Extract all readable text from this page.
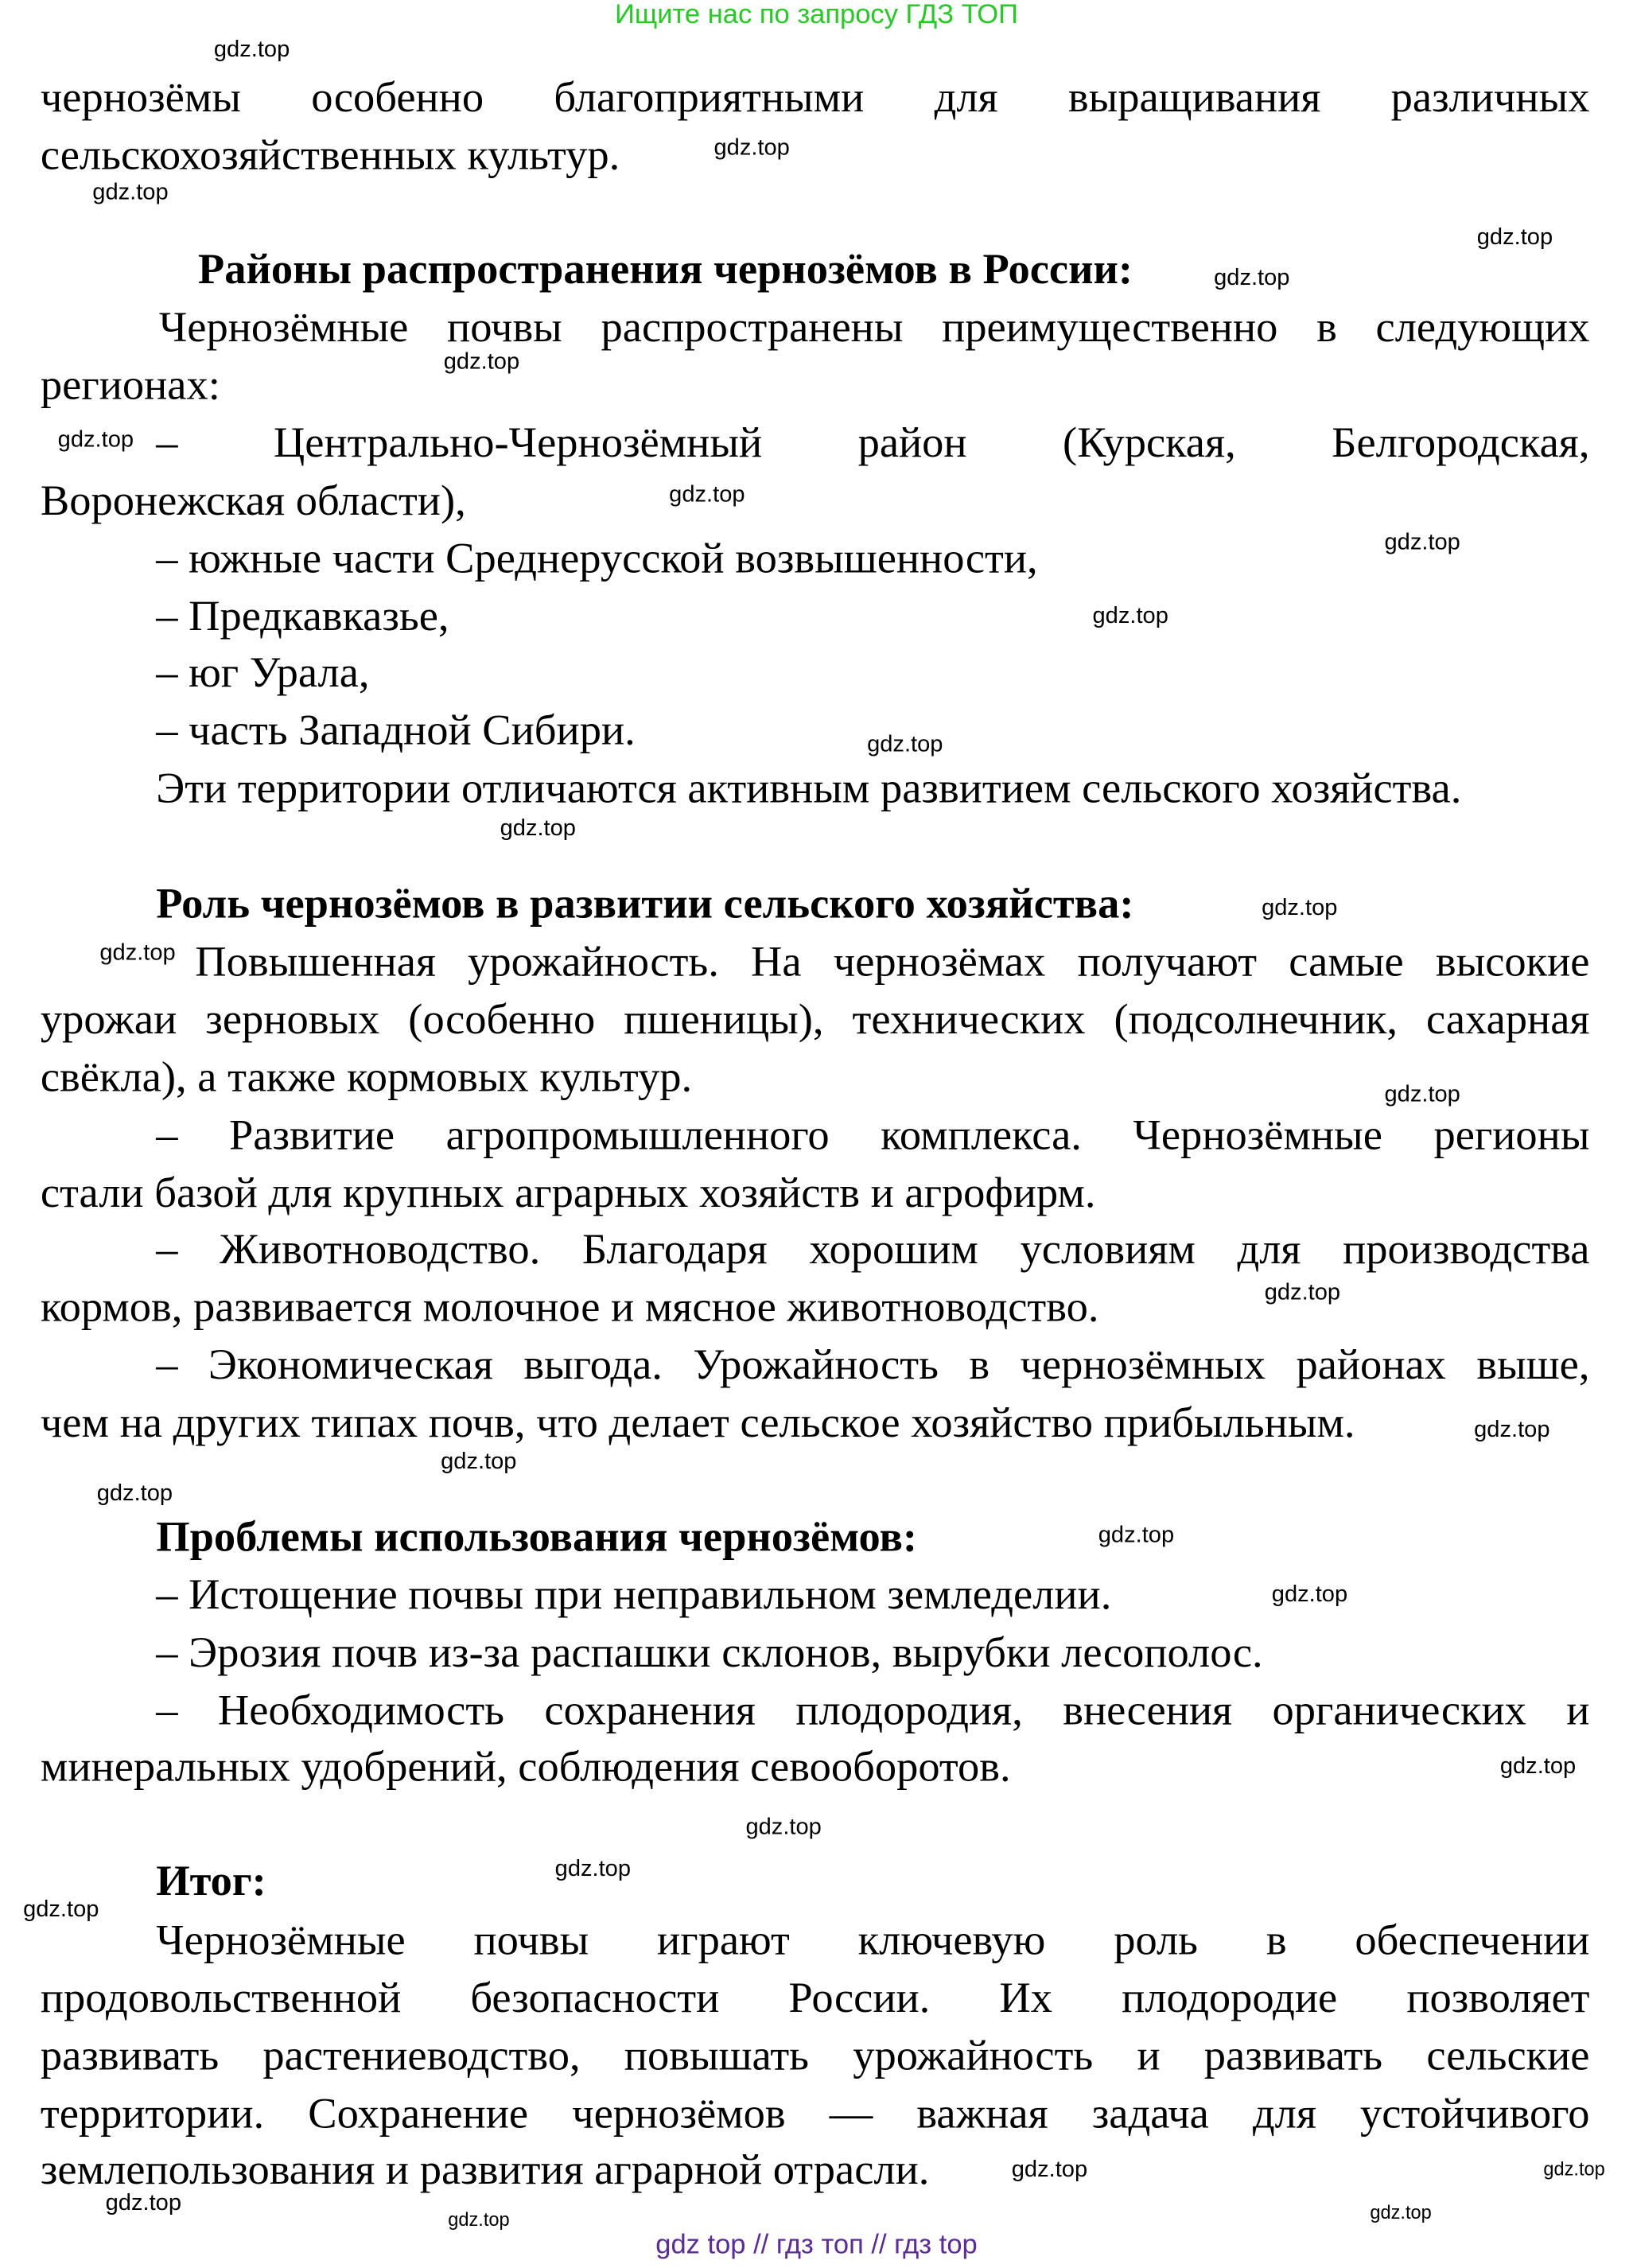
Ищите нас по запросу ГДЗ ТОП
чернозёмы особенно благоприятными для выращивания различных
сельскохозяйственных культур.
Районы распространения чернозёмов в России:
Чернозёмные почвы распространены преимущественно в следующих
регионах:
– Центрально-Чернозёмный район (Курская, Белгородская,
Воронежская области),
– южные части Среднерусской возвышенности,
– Предкавказье,
– юг Урала,
– часть Западной Сибири.
Эти территории отличаются активным развитием сельского хозяйства.
Роль чернозёмов в развитии сельского хозяйства:
Повышенная урожайность. На чернозёмах получают самые высокие
урожаи зерновых (особенно пшеницы), технических (подсолнечник, сахарная
свёкла), а также кормовых культур.
– Развитие агропромышленного комплекса. Чернозёмные регионы
стали базой для крупных аграрных хозяйств и агрофирм.
– Животноводство. Благодаря хорошим условиям для производства
кормов, развивается молочное и мясное животноводство.
– Экономическая выгода. Урожайность в чернозёмных районах выше,
чем на других типах почв, что делает сельское хозяйство прибыльным.
Проблемы использования чернозёмов:
– Истощение почвы при неправильном земледелии.
– Эрозия почв из-за распашки склонов, вырубки лесополос.
– Необходимость сохранения плодородия, внесения органических и
минеральных удобрений, соблюдения севооборотов.
Итог:
Чернозёмные почвы играют ключевую роль в обеспечении
продовольственной безопасности России. Их плодородие позволяет
развивать растениеводство, повышать урожайность и развивать сельские
территории. Сохранение чернозёмов — важная задача для устойчивого
землепользования и развития аграрной отрасли.
gdz.top
gdz.top
gdz.top
gdz.top
gdz.top
gdz.top
gdz.top
gdz.top
gdz.top
gdz.top
gdz.top
gdz.top
gdz.top
gdz.top
gdz.top
gdz.top
gdz.top
gdz.top
gdz.top
gdz.top
gdz.top
gdz.top
gdz.top
gdz.top
gdz.top
gdz.top
gdz.top
gdz.top	gdz.top
gdz.top
gdz top // гдз топ // гдз top
